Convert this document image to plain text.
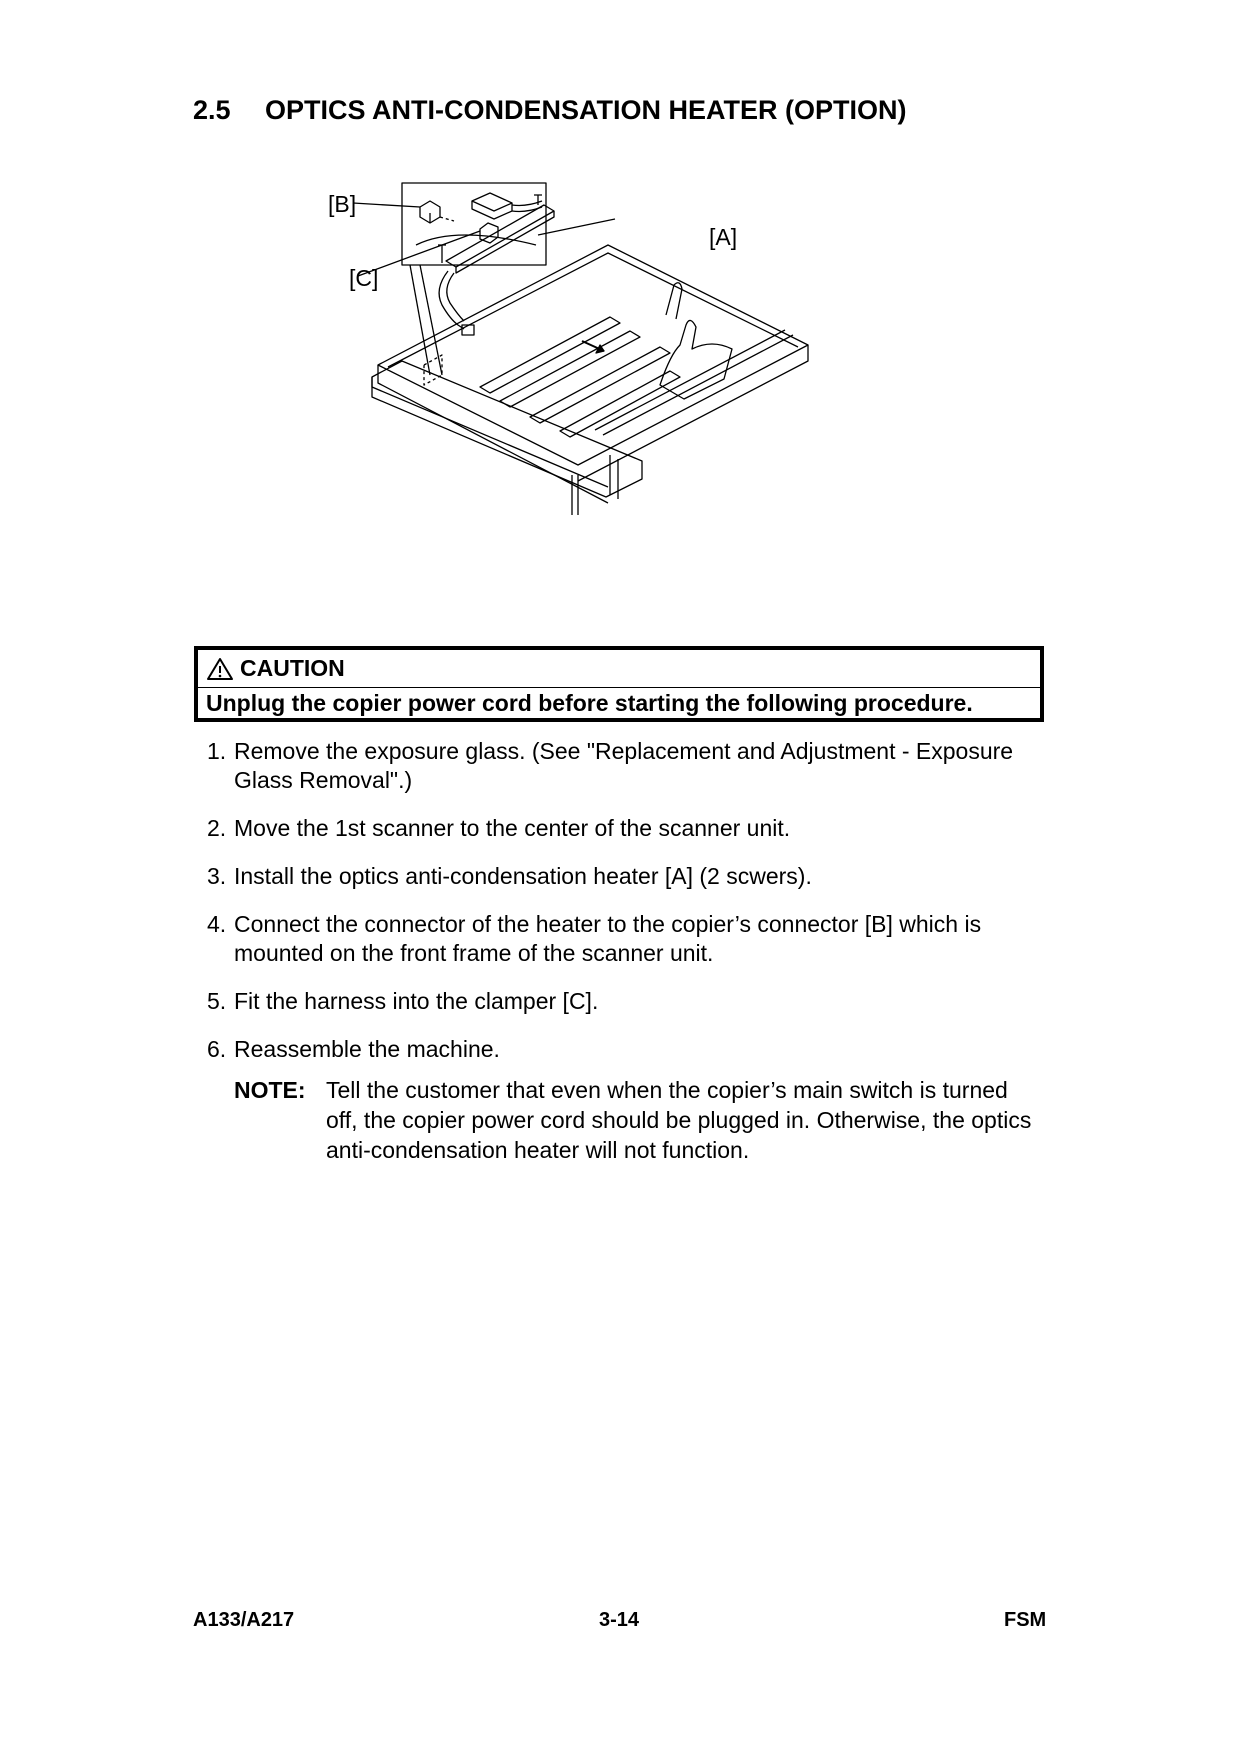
2.5 OPTICS ANTI-CONDENSATION HEATER (OPTION)
[B]
[C]
[A]
CAUTION
Unplug the copier power cord before starting the following procedure.
1. Remove the exposure glass. (See "Replacement and Adjustment - Exposure Glass Removal".)
2. Move the 1st scanner to the center of the scanner unit.
3. Install the optics anti-condensation heater [A] (2 scwers).
4. Connect the connector of the heater to the copier’s connector [B] which is mounted on the front frame of the scanner unit.
5. Fit the harness into the clamper [C].
6. Reassemble the machine.
NOTE: Tell the customer that even when the copier’s main switch is turned off, the copier power cord should be plugged in. Otherwise, the optics anti-condensation heater will not function.
A133/A217	3-14	FSM
